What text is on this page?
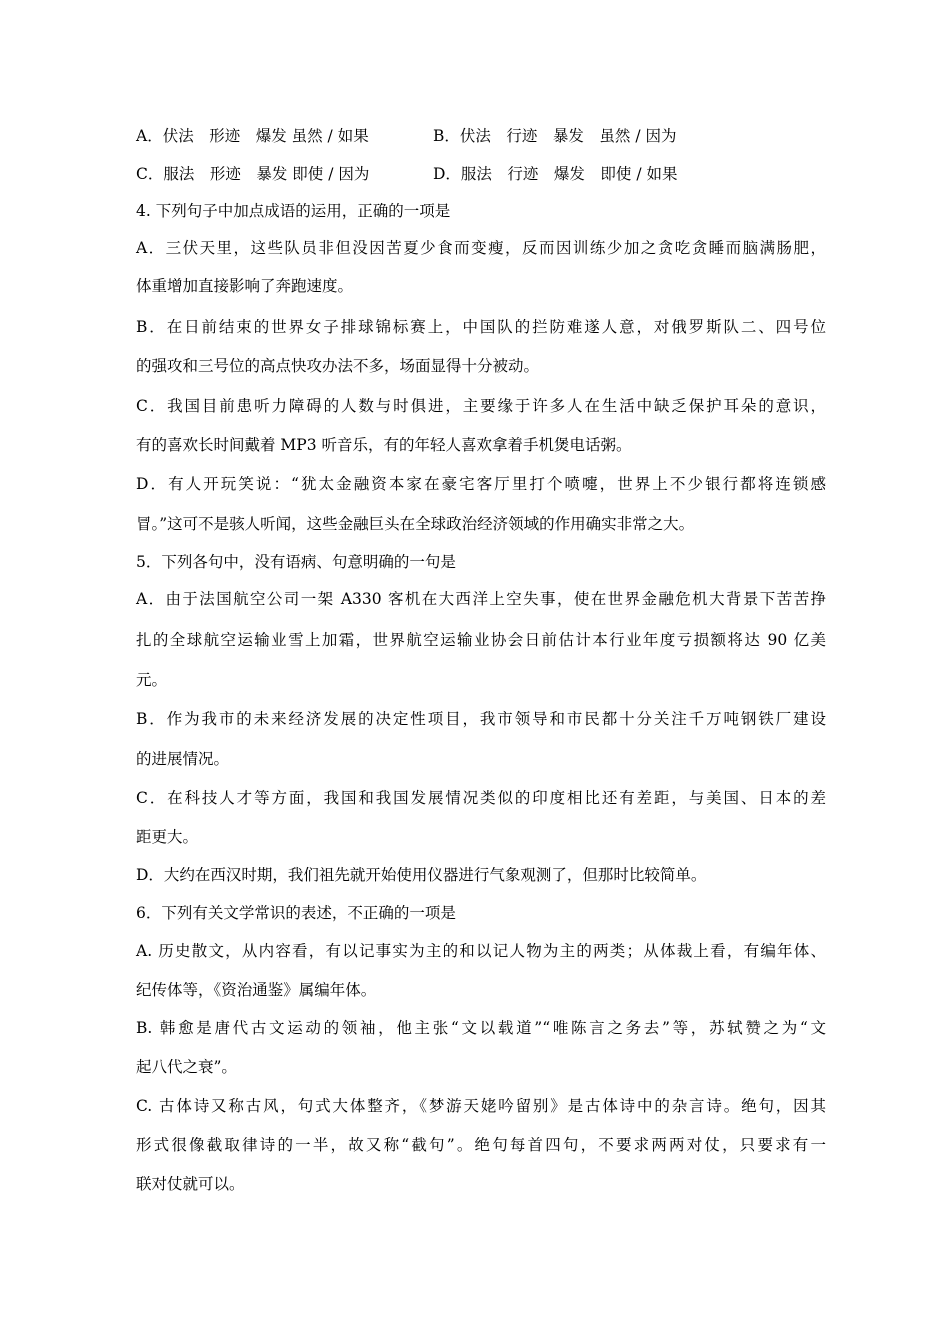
A．伏法　形迹　爆发 虽然 / 如果	B．伏法　行迹　暴发　虽然 / 因为
C．服法　形迹　暴发 即使 / 因为	D．服法　行迹　爆发　即使 / 如果
4. 下列句子中加点成语的运用，正确的一项是
A．三伏天里，这些队员非但没因苦夏少食而变瘦，反而因训练少加之贪吃贪睡而脑满肠肥，
体重增加直接影响了奔跑速度。
B．在日前结束的世界女子排球锦标赛上，中国队的拦防难遂人意，对俄罗斯队二、四号位
的强攻和三号位的高点快攻办法不多，场面显得十分被动。
C．我国目前患听力障碍的人数与时俱进，主要缘于许多人在生活中缺乏保护耳朵的意识，
有的喜欢长时间戴着 MP3 听音乐，有的年轻人喜欢拿着手机煲电话粥。
D．有人开玩笑说：“犹太金融资本家在豪宅客厅里打个喷嚏，世界上不少银行都将连锁感
冒。”这可不是骇人听闻，这些金融巨头在全球政治经济领域的作用确实非常之大。
5．下列各句中，没有语病、句意明确的一句是
A．由于法国航空公司一架 A330 客机在大西洋上空失事，使在世界金融危机大背景下苦苦挣
扎的全球航空运输业雪上加霜，世界航空运输业协会日前估计本行业年度亏损额将达 90 亿美
元。
B．作为我市的未来经济发展的决定性项目，我市领导和市民都十分关注千万吨钢铁厂建设
的进展情况。
C．在科技人才等方面，我国和我国发展情况类似的印度相比还有差距，与美国、日本的差
距更大。
D．大约在西汉时期，我们祖先就开始使用仪器进行气象观测了，但那时比较简单。
6．下列有关文学常识的表述，不正确的一项是
A. 历史散文，从内容看，有以记事实为主的和以记人物为主的两类；从体裁上看，有编年体、
纪传体等，《资治通鉴》属编年体。
B. 韩愈是唐代古文运动的领袖，他主张“文以载道”“唯陈言之务去”等，苏轼赞之为“文
起八代之衰”。
C. 古体诗又称古风，句式大体整齐，《梦游天姥吟留别》是古体诗中的杂言诗。绝句，因其
形式很像截取律诗的一半，故又称“截句”。绝句每首四句，不要求两两对仗，只要求有一
联对仗就可以。
